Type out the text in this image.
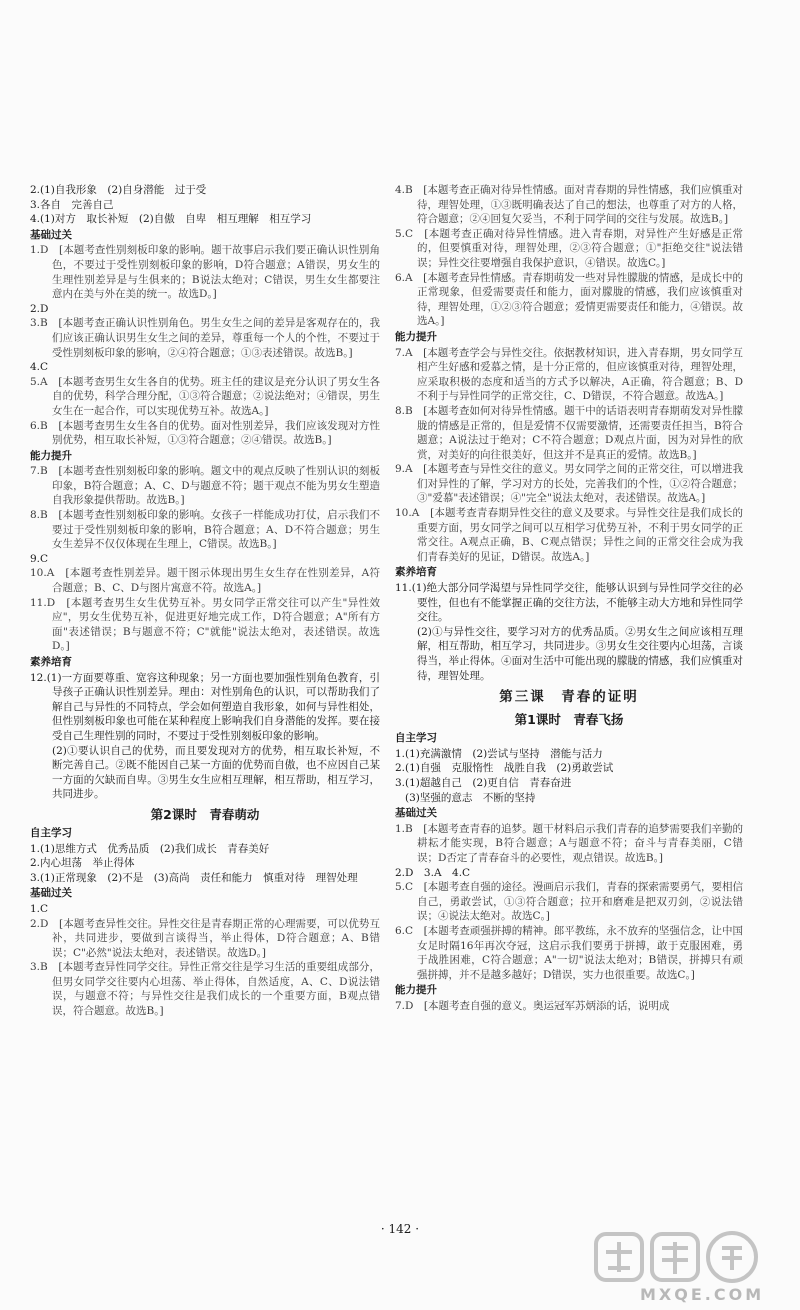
2.(1)自我形象　(2)自身潜能　过于受

3.各自　完善自己

4.(1)对方　取长补短　(2)自傲　自卑　相互理解　相互学习

基础过关

1.D　[本题考查性别刻板印象的影响。题干故事启示我们要正确认识性别角色，不要过于受性别刻板印象的影响，D符合题意；A错误，男女生的生理性别差异是与生俱来的；B说法太绝对；C错误，男生女生都要注意内在美与外在美的统一。故选D。]

2.D

3.B　[本题考查正确认识性别角色。男生女生之间的差异是客观存在的，我们应该正确认识男生女生之间的差异，尊重每一个人的个性，不要过于受性别刻板印象的影响，②④符合题意；①③表述错误。故选B。]

4.C

5.A　[本题考查男生女生各自的优势。班主任的建议是充分认识了男女生各自的优势，科学合理分配，①③符合题意；②说法绝对；④错误，男生女生在一起合作，可以实现优势互补。故选A。]

6.B　[本题考查男生女生各自的优势。面对性别差异，我们应该发现对方性别优势，相互取长补短，①③符合题意；②④错误。故选B。]

能力提升

7.B　[本题考查性别刻板印象的影响。题文中的观点反映了性别认识的刻板印象，B符合题意；A、C、D与题意不符；题干观点不能为男女生塑造自我形象提供帮助。故选B。]

8.B　[本题考查性别刻板印象的影响。女孩子一样能成功打仗，启示我们不要过于受性别刻板印象的影响，B符合题意；A、D不符合题意；男生女生差异不仅仅体现在生理上，C错误。故选B。]

9.C

10.A　[本题考查性别差异。题干图示体现出男生女生存在性别差异，A符合题意；B、C、D与图片寓意不符。故选A。]

11.D　[本题考查男生女生优势互补。男女同学正常交往可以产生"异性效应"，男女生优势互补，促进更好地完成工作，D符合题意；A"所有方面"表述错误；B与题意不符；C"就能"说法太绝对，表述错误。故选D。]

素养培育

12.(1)一方面要尊重、宽容这种现象；另一方面也要加强性别角色教育，引导孩子正确认识性别差异。理由：对性别角色的认识，可以帮助我们了解自己与异性的不同特点，学会如何塑造自我形象，如何与异性相处，但性别刻板印象也可能在某种程度上影响我们自身潜能的发挥。要在接受自己生理性别的同时，不要过于受性别刻板印象的影响。

(2)①要认识自己的优势，而且要发现对方的优势，相互取长补短，不断完善自己。②既不能因自己某一方面的优势而自傲，也不应因自己某一方面的欠缺而自卑。③男生女生应相互理解，相互帮助，相互学习，共同进步。

第2课时　青春萌动

自主学习

1.(1)思维方式　优秀品质　(2)我们成长　青春美好

2.内心坦荡　举止得体

3.(1)正常现象　(2)不是　(3)高尚　责任和能力　慎重对待　理智处理

基础过关

1.C

2.D　[本题考查异性交往。异性交往是青春期正常的心理需要，可以优势互补，共同进步，要做到言谈得当，举止得体，D符合题意；A、B错误；C"必然"说法太绝对，表述错误。故选D。]

3.B　[本题考查异性同学交往。异性正常交往是学习生活的重要组成部分，但男女同学交往要内心坦荡、举止得体，自然适度，A、C、D说法错误，与题意不符；与异性交往是我们成长的一个重要方面，B观点错误，符合题意。故选B。]

4.B　[本题考查正确对待异性情感。面对青春期的异性情感，我们应慎重对待，理智处理，①③既明确表达了自己的想法，也尊重了对方的人格，符合题意；②④回复欠妥当，不利于同学间的交往与发展。故选B。]

5.C　[本题考查正确对待异性情感。进入青春期，对异性产生好感是正常的，但要慎重对待，理智处理，②③符合题意；①"拒绝交往"说法错误；异性交往要增强自我保护意识，④错误。故选C。]

6.A　[本题考查异性情感。青春期萌发一些对异性朦胧的情感，是成长中的正常现象，但爱需要责任和能力，面对朦胧的情感，我们应该慎重对待，理智处理，①②③符合题意；爱情更需要责任和能力，④错误。故选A。]

能力提升

7.A　[本题考查学会与异性交往。依据教材知识，进入青春期，男女同学互相产生好感和爱慕之情，是十分正常的，但应该慎重对待，理智处理，应采取积极的态度和适当的方式予以解决，A正确，符合题意；B、D不利于与异性同学的正常交往，C、D错误，不符合题意。故选A。]

8.B　[本题考查如何对待异性情感。题干中的话语表明青春期萌发对异性朦胧的情感是正常的，但是爱情不仅需要激情，还需要责任担当，B符合题意；A说法过于绝对；C不符合题意；D观点片面，因为对异性的欣赏，对美好的向往很美好，但这并不是真正的爱情。故选B。]

9.A　[本题考查与异性交往的意义。男女同学之间的正常交往，可以增进我们对异性的了解，学习对方的长处，完善我们的个性，①②符合题意；③"爱慕"表述错误；④"完全"说法太绝对，表述错误。故选A。]

10.A　[本题考查青春期异性交往的意义及要求。与异性交往是我们成长的重要方面，男女同学之间可以互相学习优势互补，不利于男女同学的正常交往。A观点正确，B、C观点错误；异性之间的正常交往会成为我们青春美好的见证，D错误。故选A。]

素养培育

11.(1)绝大部分同学渴望与异性同学交往，能够认识到与异性同学交往的必要性，但也有不能掌握正确的交往方法，不能够主动大方地和异性同学交往。

(2)①与异性交往，要学习对方的优秀品质。②男女生之间应该相互理解，相互帮助，相互学习，共同进步。③男女生交往要内心坦荡，言谈得当，举止得体。④面对生活中可能出现的朦胧的情感，我们应慎重对待，理智处理。

第三课　青春的证明
第1课时　青春飞扬

自主学习

1.(1)充满激情　(2)尝试与坚持　潜能与活力

2.(1)自强　克服惰性　战胜自我　(2)勇敢尝试

3.(1)超越自己　(2)更自信　青春奋进

(3)坚强的意志　不断的坚持

基础过关

1.B　[本题考查青春的追梦。题干材料启示我们青春的追梦需要我们辛勤的耕耘才能实现，B符合题意；A与题意不符；奋斗与青春美丽，C错误；D否定了青春奋斗的必要性，观点错误。故选B。]

2.D　3.A　4.C

5.C　[本题考查自强的途径。漫画启示我们，青春的探索需要勇气，要相信自己，勇敢尝试，①③符合题意；拉开和磨难是把双刃剑，②说法错误；④说法太绝对。故选C。]

6.C　[本题考查顽强拼搏的精神。郎平教练，永不放弃的坚强信念，让中国女足时隔16年再次夺冠，这启示我们要勇于拼搏，敢于克服困难，勇于战胜困难，C符合题意；A"一切"说法太绝对；B错误，拼搏只有顽强拼搏，并不是越多越好；D错误，实力也很重要。故选C。]

能力提升

7.D　[本题考查自强的意义。奥运冠军苏炳添的话，说明成

· 142 ·
MXQE.COM
